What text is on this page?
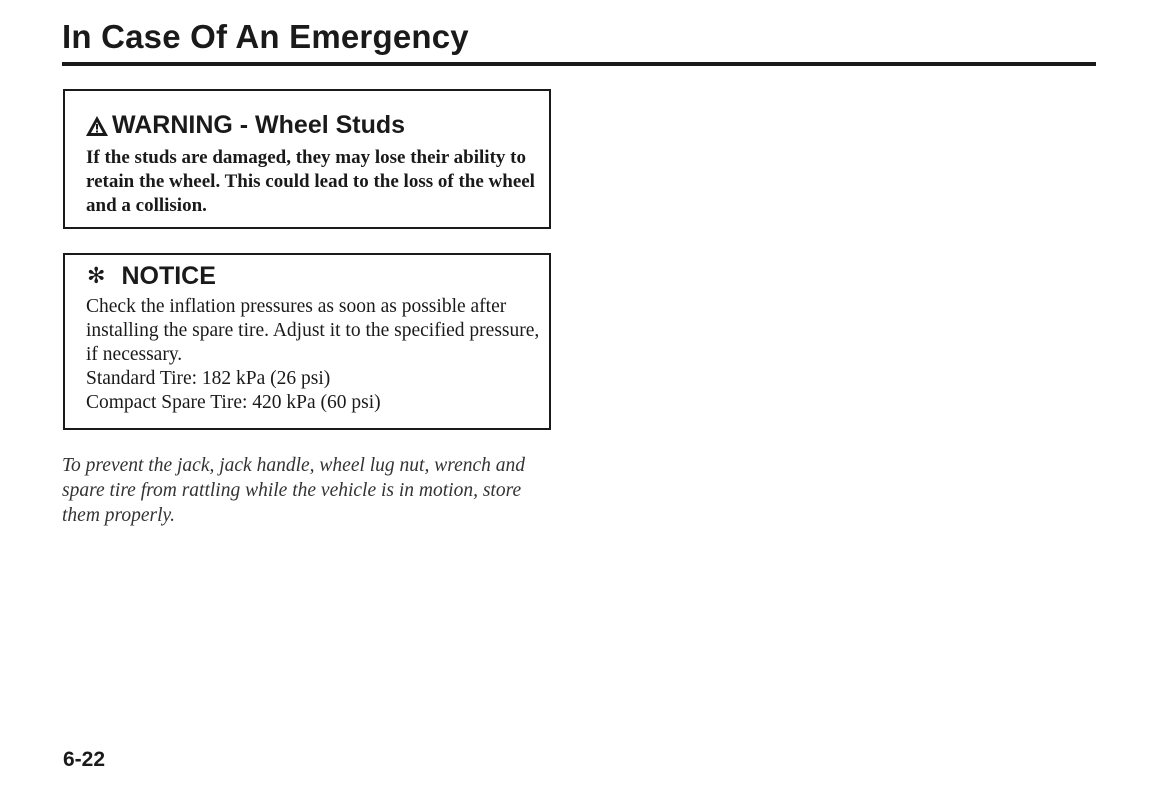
In Case Of An Emergency
WARNING - Wheel Studs
If the studs are damaged, they may lose their ability to retain the wheel. This could lead to the loss of the wheel and a collision.
✻ NOTICE

Check the inflation pressures as soon as possible after installing the spare tire. Adjust it to the specified pressure, if necessary.

Standard Tire: 182 kPa (26 psi)
Compact Spare Tire: 420 kPa (60 psi)
To prevent the jack, jack handle, wheel lug nut, wrench and spare tire from rattling while the vehicle is in motion, store them properly.
6-22
